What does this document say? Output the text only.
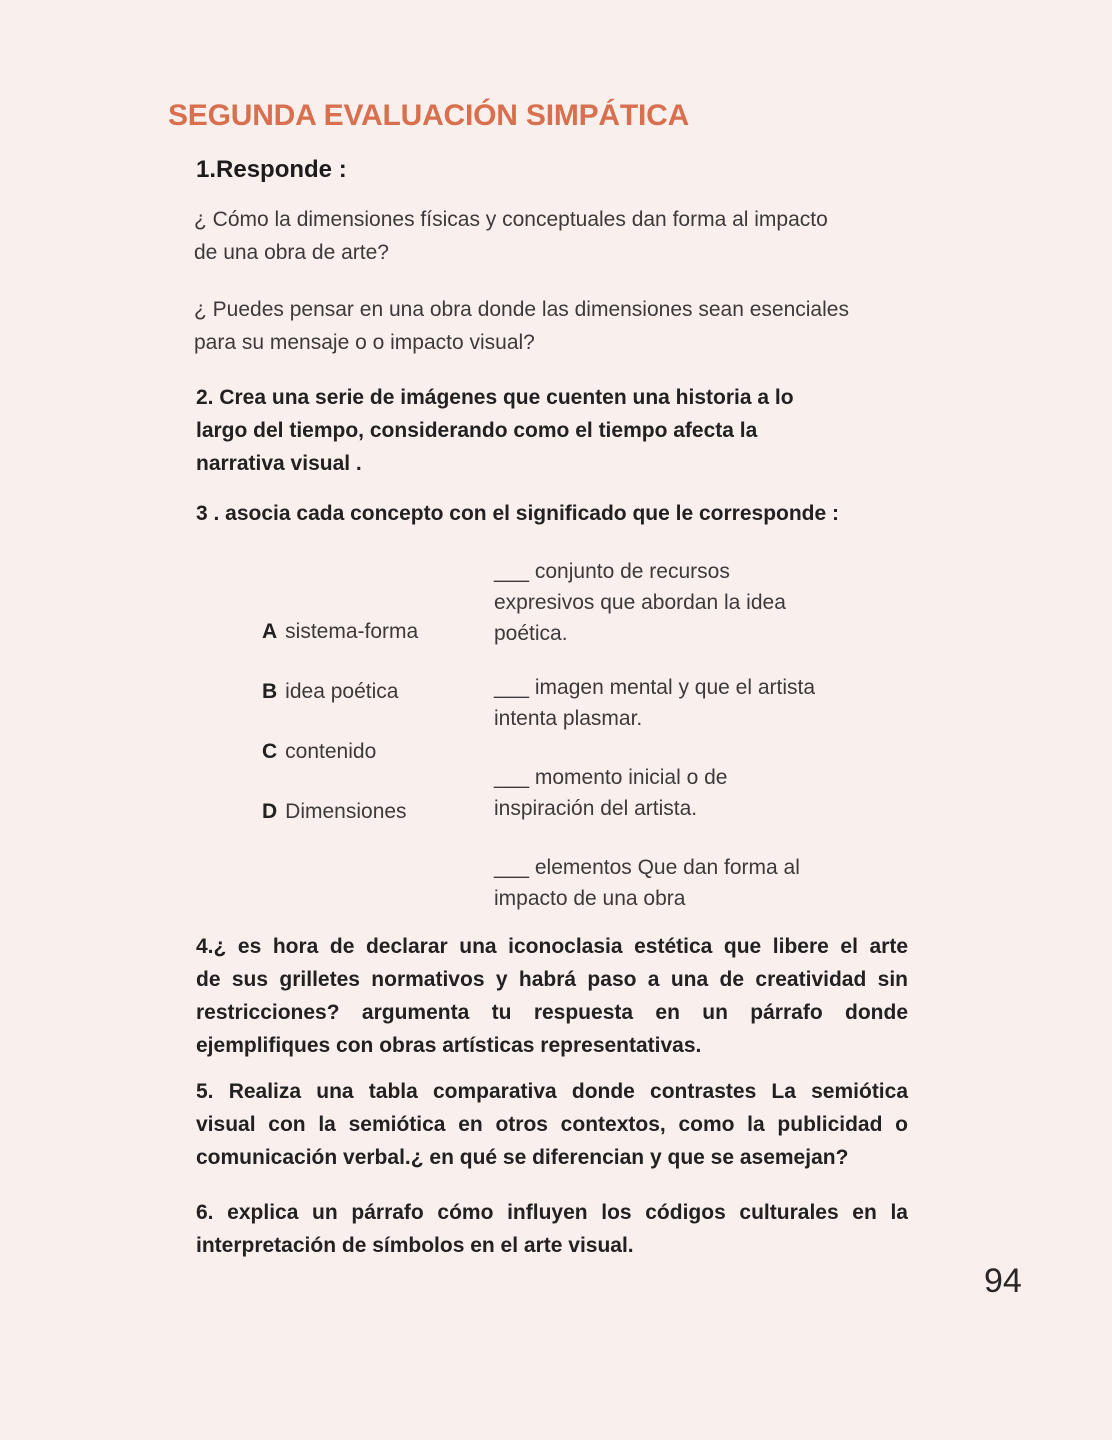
SEGUNDA EVALUACIÓN SIMPÁTICA
1.Responde :
¿ Cómo la dimensiones físicas y conceptuales dan forma al impacto
de una obra de arte?
¿ Puedes pensar en una obra donde las dimensiones sean esenciales
para su mensaje o o impacto visual?
2. Crea una serie de imágenes que cuenten una historia a lo
largo del tiempo, considerando como el tiempo afecta la
narrativa visual .
3 . asocia cada concepto con el significado que le corresponde :
A sistema-forma
B idea poética
C contenido
D Dimensiones
___ conjunto de recursos
expresivos que abordan la idea
poética.
___ imagen mental y que el artista
intenta plasmar.
___ momento inicial o de
inspiración del artista.
___ elementos Que dan forma al
impacto de una obra
4.¿ es hora de declarar una iconoclasia estética que libere el arte
de sus grilletes normativos y habrá paso a una de creatividad sin
restricciones? argumenta tu respuesta en un párrafo donde
ejemplifiques con obras artísticas representativas.
5. Realiza una tabla comparativa donde contrastes La semiótica
visual con la semiótica en otros contextos, como la publicidad o
comunicación verbal.¿ en qué se diferencian y que se asemejan?
6. explica un párrafo cómo influyen los códigos culturales en la
interpretación de símbolos en el arte visual.
94
